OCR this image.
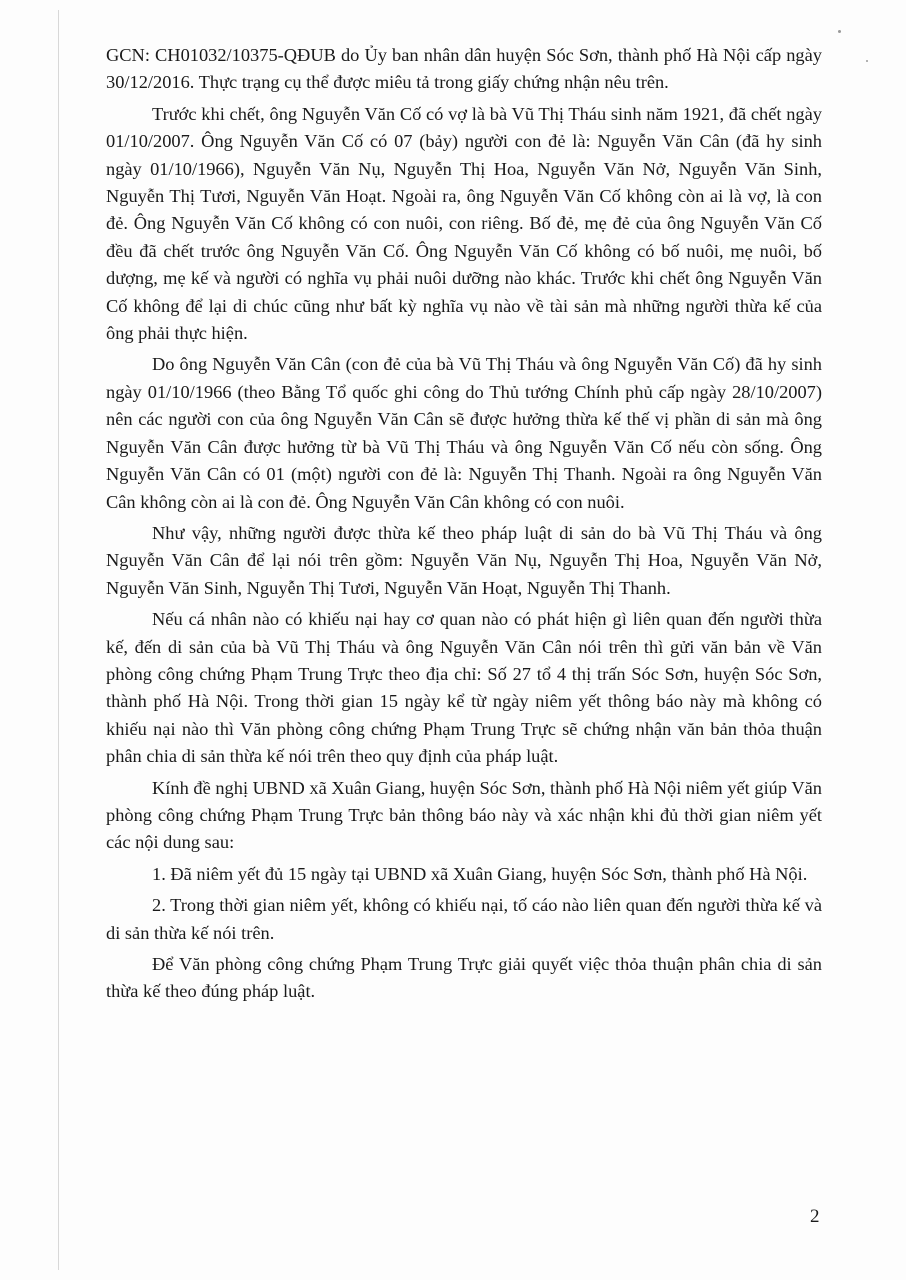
GCN: CH01032/10375-QĐUB do Ủy ban nhân dân huyện Sóc Sơn, thành phố Hà Nội cấp ngày 30/12/2016. Thực trạng cụ thể được miêu tả trong giấy chứng nhận nêu trên.

Trước khi chết, ông Nguyễn Văn Cố có vợ là bà Vũ Thị Tháu sinh năm 1921, đã chết ngày 01/10/2007. Ông Nguyễn Văn Cố có 07 (bảy) người con đẻ là: Nguyễn Văn Cân (đã hy sinh ngày 01/10/1966), Nguyễn Văn Nụ, Nguyễn Thị Hoa, Nguyễn Văn Nở, Nguyễn Văn Sinh, Nguyễn Thị Tươi, Nguyễn Văn Hoạt. Ngoài ra, ông Nguyễn Văn Cố không còn ai là vợ, là con đẻ. Ông Nguyễn Văn Cố không có con nuôi, con riêng. Bố đẻ, mẹ đẻ của ông Nguyễn Văn Cố đều đã chết trước ông Nguyễn Văn Cố. Ông Nguyễn Văn Cố không có bố nuôi, mẹ nuôi, bố dượng, mẹ kế và người có nghĩa vụ phải nuôi dưỡng nào khác. Trước khi chết ông Nguyễn Văn Cố không để lại di chúc cũng như bất kỳ nghĩa vụ nào về tài sản mà những người thừa kế của ông phải thực hiện.

Do ông Nguyễn Văn Cân (con đẻ của bà Vũ Thị Tháu và ông Nguyễn Văn Cố) đã hy sinh ngày 01/10/1966 (theo Bằng Tổ quốc ghi công do Thủ tướng Chính phủ cấp ngày 28/10/2007) nên các người con của ông Nguyễn Văn Cân sẽ được hưởng thừa kế thế vị phần di sản mà ông Nguyễn Văn Cân được hưởng từ bà Vũ Thị Tháu và ông Nguyễn Văn Cố nếu còn sống. Ông Nguyễn Văn Cân có 01 (một) người con đẻ là: Nguyễn Thị Thanh. Ngoài ra ông Nguyễn Văn Cân không còn ai là con đẻ. Ông Nguyễn Văn Cân không có con nuôi.

Như vậy, những người được thừa kế theo pháp luật di sản do bà Vũ Thị Tháu và ông Nguyễn Văn Cân để lại nói trên gồm: Nguyễn Văn Nụ, Nguyễn Thị Hoa, Nguyễn Văn Nở, Nguyễn Văn Sinh, Nguyễn Thị Tươi, Nguyễn Văn Hoạt, Nguyễn Thị Thanh.

Nếu cá nhân nào có khiếu nại hay cơ quan nào có phát hiện gì liên quan đến người thừa kế, đến di sản của bà Vũ Thị Tháu và ông Nguyễn Văn Cân nói trên thì gửi văn bản về Văn phòng công chứng Phạm Trung Trực theo địa chỉ: Số 27 tổ 4 thị trấn Sóc Sơn, huyện Sóc Sơn, thành phố Hà Nội. Trong thời gian 15 ngày kể từ ngày niêm yết thông báo này mà không có khiếu nại nào thì Văn phòng công chứng Phạm Trung Trực sẽ chứng nhận văn bản thỏa thuận phân chia di sản thừa kế nói trên theo quy định của pháp luật.

Kính đề nghị UBND xã Xuân Giang, huyện Sóc Sơn, thành phố Hà Nội niêm yết giúp Văn phòng công chứng Phạm Trung Trực bản thông báo này và xác nhận khi đủ thời gian niêm yết các nội dung sau:

1. Đã niêm yết đủ 15 ngày tại UBND xã Xuân Giang, huyện Sóc Sơn, thành phố Hà Nội.

2. Trong thời gian niêm yết, không có khiếu nại, tố cáo nào liên quan đến người thừa kế và di sản thừa kế nói trên.

Để Văn phòng công chứng Phạm Trung Trực giải quyết việc thỏa thuận phân chia di sản thừa kế theo đúng pháp luật.

2
